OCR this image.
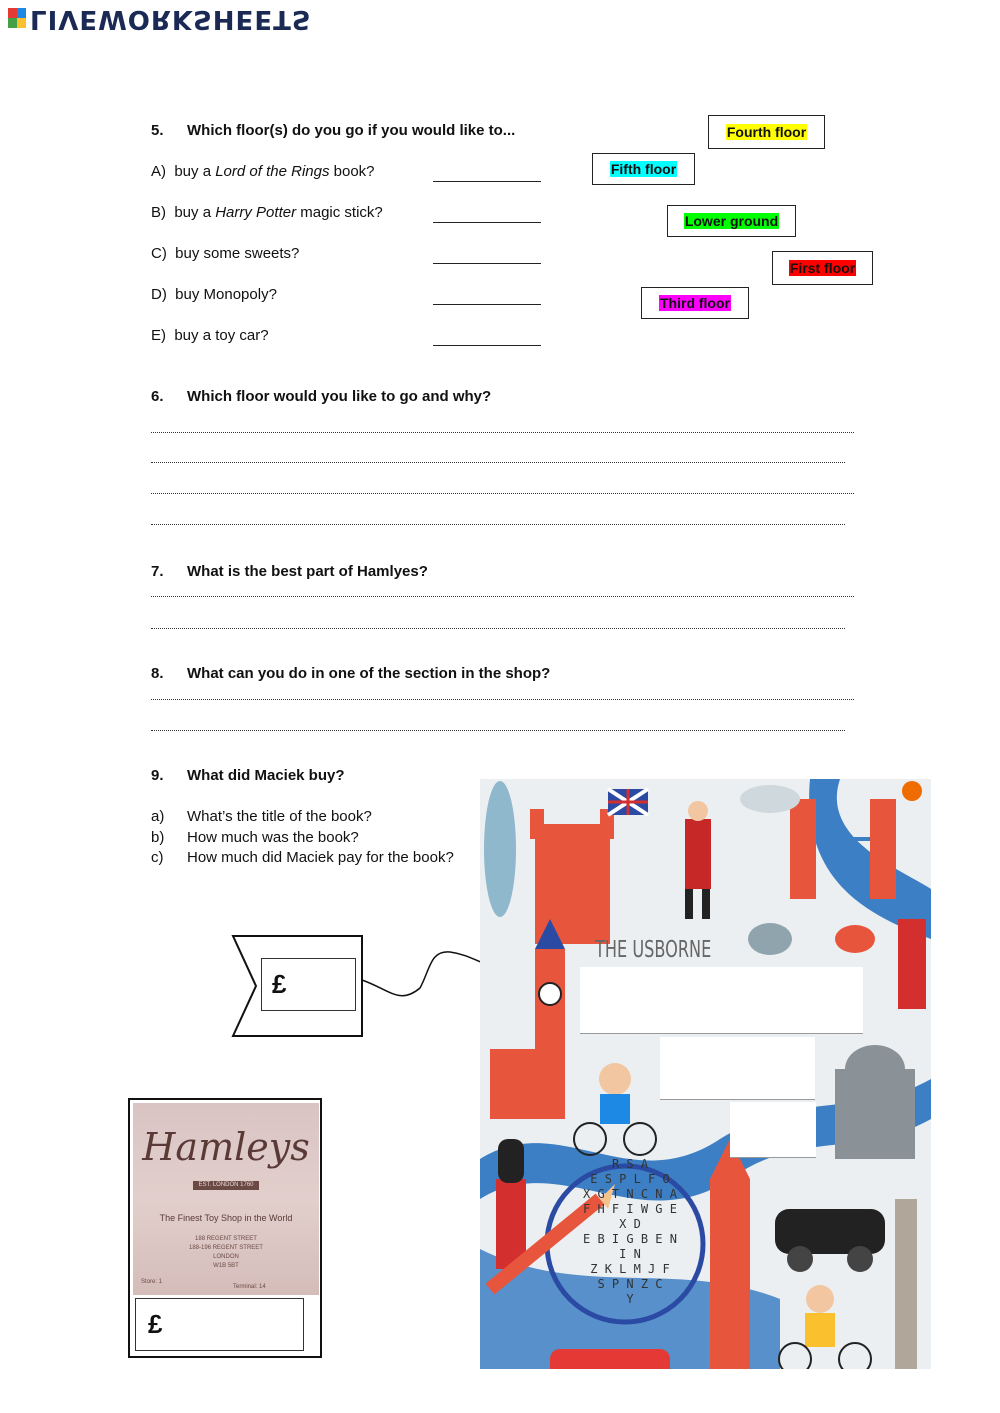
LIVEWORKSHEETS
5. Which floor(s) do you go if you would like to...
A) buy a Lord of the Rings book?
B) buy a Harry Potter magic stick?
C) buy some sweets?
D) buy Monopoly?
E) buy a toy car?
Fourth floor
Fifth floor
Lower ground
First floor
Third floor
6. Which floor would you like to go and why?
7. What is the best part of Hamlyes?
8. What can you do in one of the section in the shop?
9. What did Maciek buy?
a) What’s the title of the book?
b) How much was the book?
c) How much did Maciek pay for the book?
£
Hamleys
EST. LONDON 1760
The Finest Toy Shop in the World
188 REGENT STREET
188-196 REGENT STREET
LONDON
W1B 5BT
Store: 1
Terminal: 14
£
THE USBORNE
R S A
E S P L F O
X G T N C N A
F H F I W G E X D
E B I G B E N I N
Z K L M J F
S P N Z C
Y
